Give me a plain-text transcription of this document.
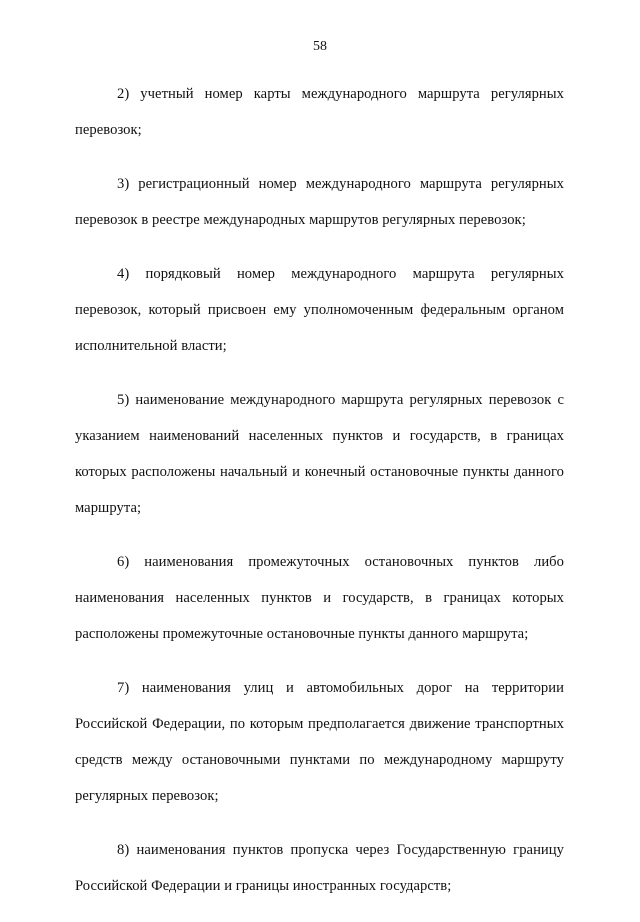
58

2) учетный номер карты международного маршрута регулярных перевозок;

3) регистрационный номер международного маршрута регулярных перевозок в реестре международных маршрутов регулярных перевозок;

4) порядковый номер международного маршрута регулярных перевозок, который присвоен ему уполномоченным федеральным органом исполнительной власти;

5) наименование международного маршрута регулярных перевозок с указанием наименований населенных пунктов и государств, в границах которых расположены начальный и конечный остановочные пункты данного маршрута;

6) наименования промежуточных остановочных пунктов либо наименования населенных пунктов и государств, в границах которых расположены промежуточные остановочные пункты данного маршрута;

7) наименования улиц и автомобильных дорог на территории Российской Федерации, по которым предполагается движение транспортных средств между остановочными пунктами по международному маршруту регулярных перевозок;

8) наименования пунктов пропуска через Государственную границу Российской Федерации и границы иностранных государств;
